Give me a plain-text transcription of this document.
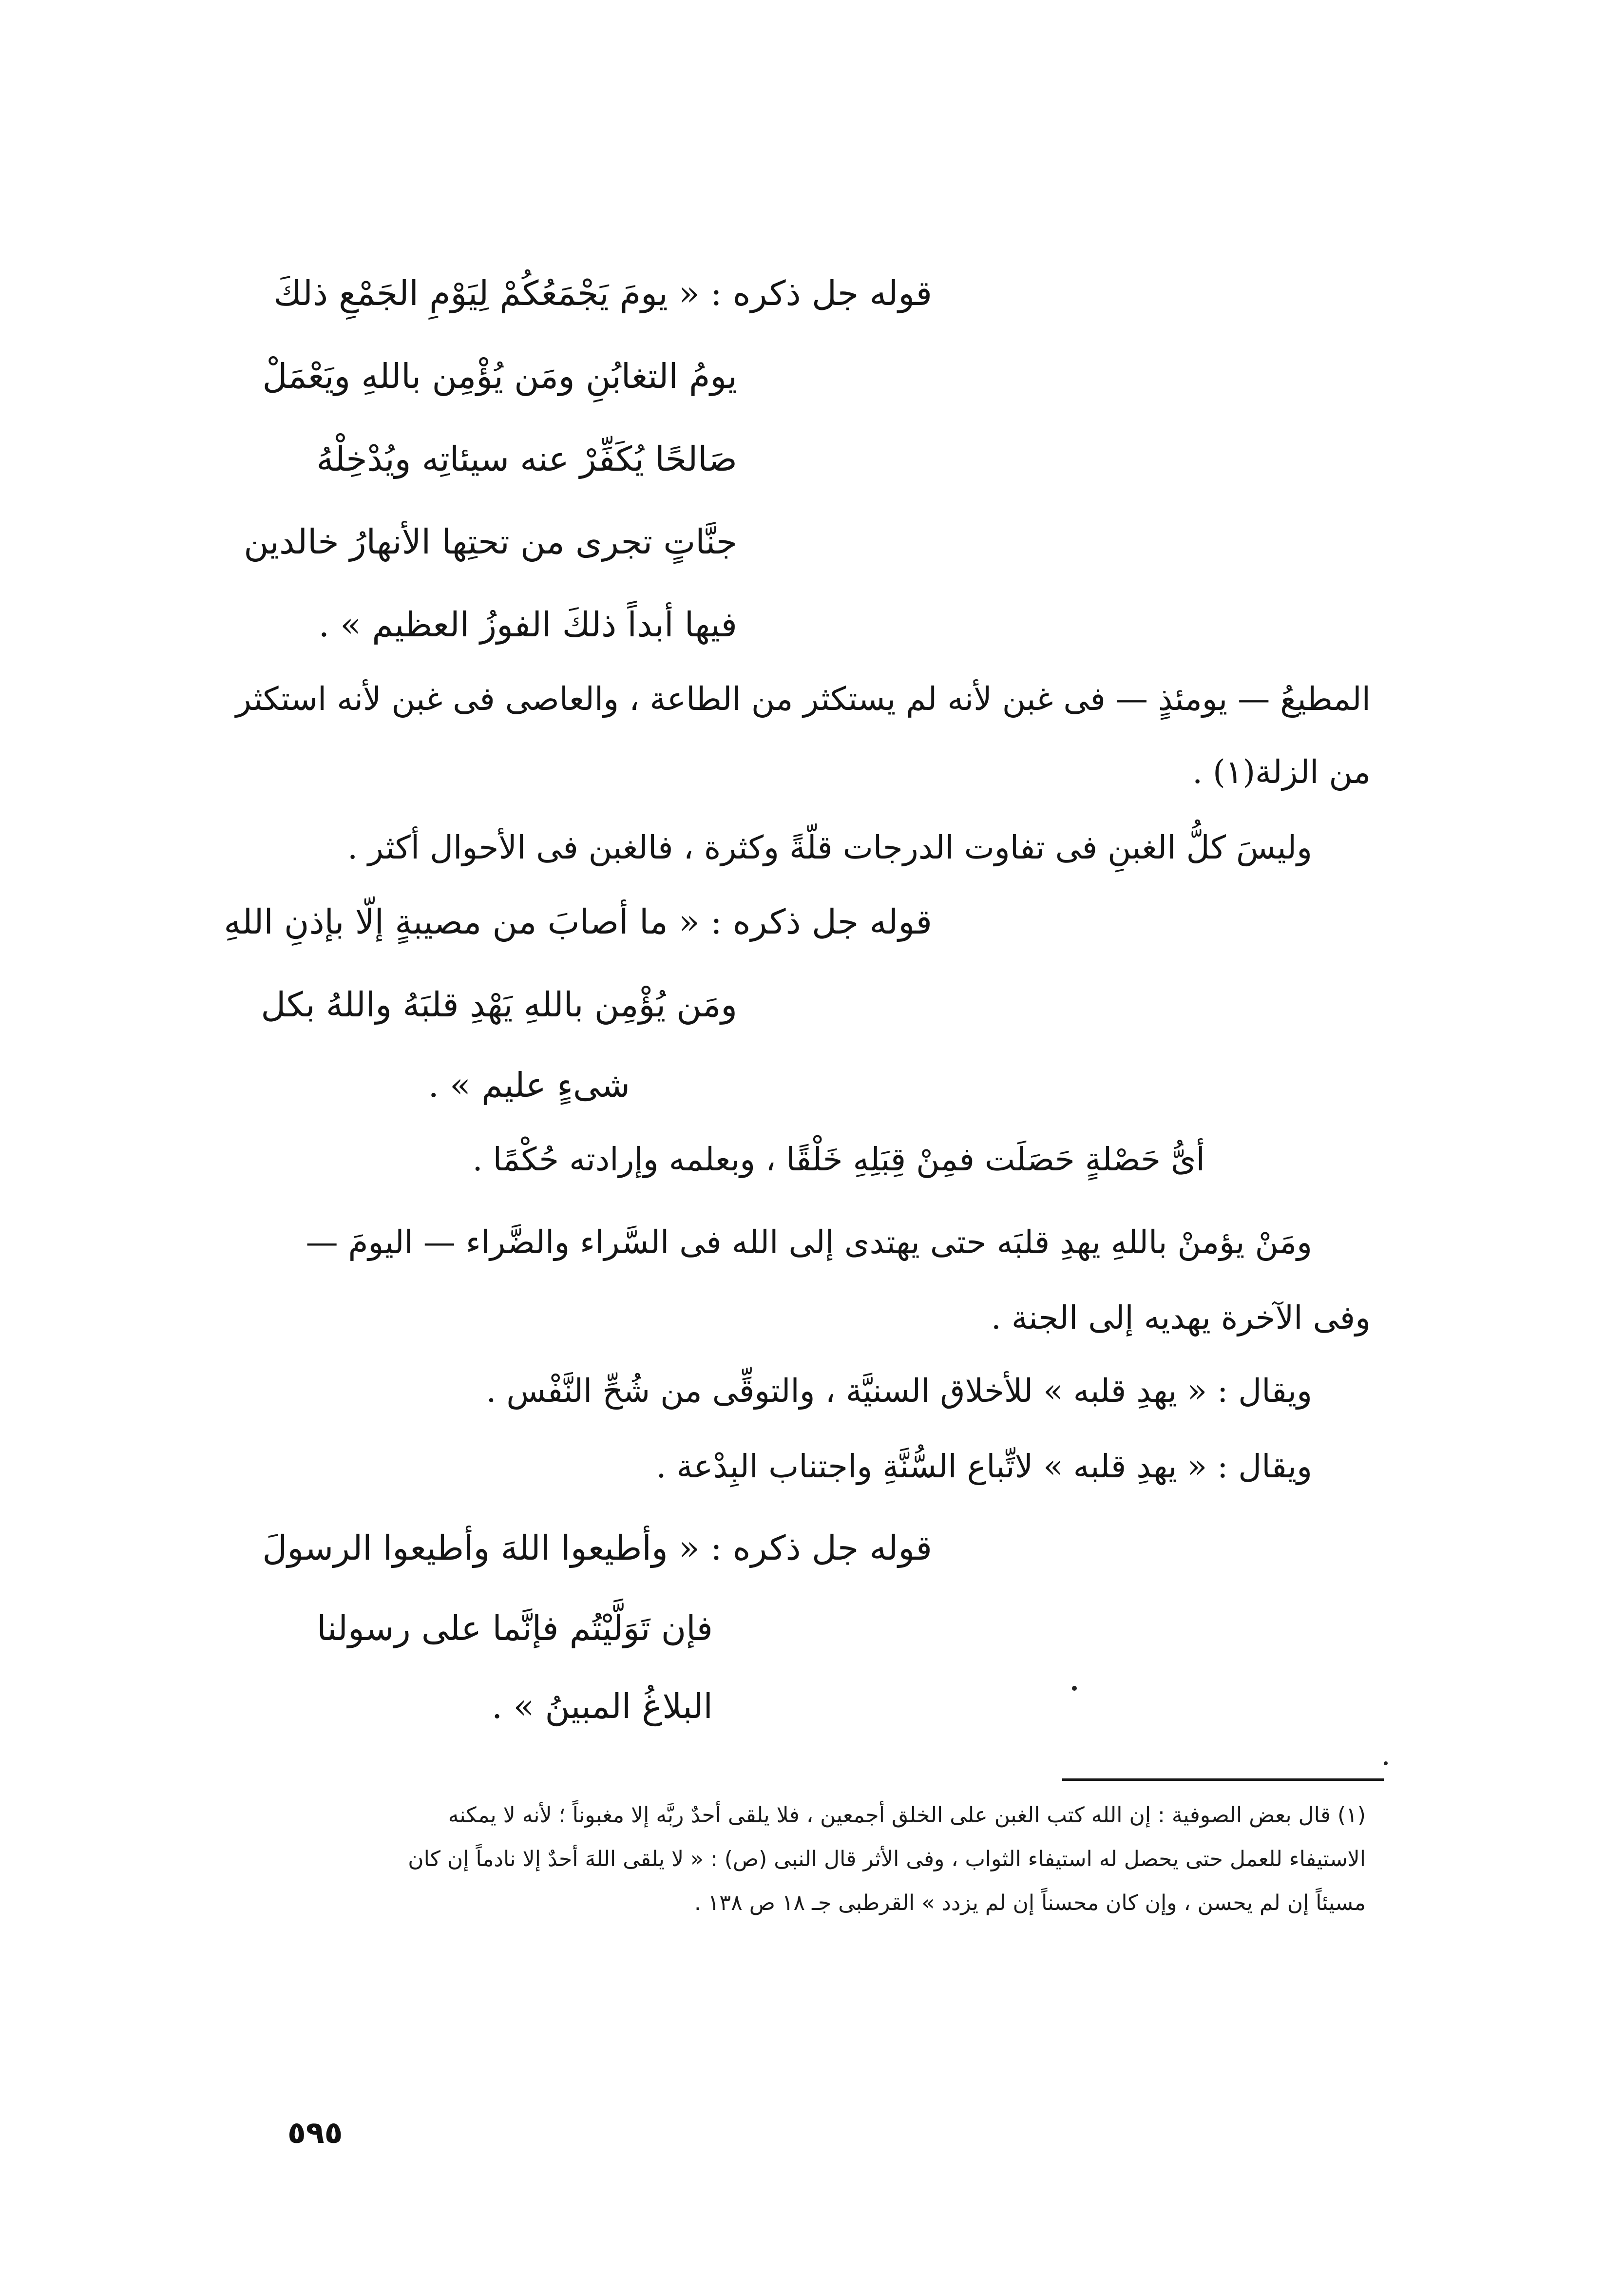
قوله جل ذكره : « يومَ يَجْمَعُكُمْ لِيَوْمِ الجَمْعِ ذلكَ
يومُ التغابُنِ ومَن يُؤْمِن باللهِ ويَعْمَلْ
صَالحًا يُكَفِّرْ عنه سيئاتِه ويُدْخِلْهُ
جنَّاتٍ تجرى من تحتِها الأنهارُ خالدين
فيها أبداً ذلكَ الفوزُ العظيم » .
المطيعُ — يومئذٍ — فى غبن لأنه لم يستكثر من الطاعة ، والعاصى فى غبن لأنه استكثر
من الزلة(١) .
وليسَ كلُّ الغبنِ فى تفاوت الدرجات قلّةً وكثرة ، فالغبن فى الأحوال أكثر .
قوله جل ذكره : « ما أصابَ من مصيبةٍ إلّا بإذنِ اللهِ
ومَن يُؤْمِن باللهِ يَهْدِ قلبَهُ واللهُ بكل
شىءٍ عليم » .
أىُّ حَصْلةٍ حَصَلَت فمِنْ قِبَلِهِ خَلْقًا ، وبعلمه وإرادته حُكْمًا .
ومَنْ يؤمنْ باللهِ يهدِ قلبَه حتى يهتدى إلى الله فى السَّراء والضَّراء — اليومَ —
وفى الآخرة يهديه إلى الجنة .
ويقال : « يهدِ قلبه » للأخلاق السنيَّة ، والتوقِّى من شُحِّ النَّفْس .
ويقال : « يهدِ قلبه » لاتِّباع السُّنَّةِ واجتناب البِدْعة .
قوله جل ذكره : « وأطيعوا اللهَ وأطيعوا الرسولَ
فإن تَوَلَّيْتُم فإنَّما على رسولنا
البلاغُ المبينُ » .
(١) قال بعض الصوفية : إن الله كتب الغبن على الخلق أجمعين ، فلا يلقى أحدٌ ربَّه إلا مغبوناً ؛ لأنه لا يمكنه
الاستيفاء للعمل حتى يحصل له استيفاء الثواب ، وفى الأثر قال النبى (ص) : « لا يلقى اللهَ أحدٌ إلا نادماً إن كان
مسيئاً إن لم يحسن ، وإن كان محسناً إن لم يزدد » القرطبى جـ ١٨ ص ١٣٨ .
٥٩٥
